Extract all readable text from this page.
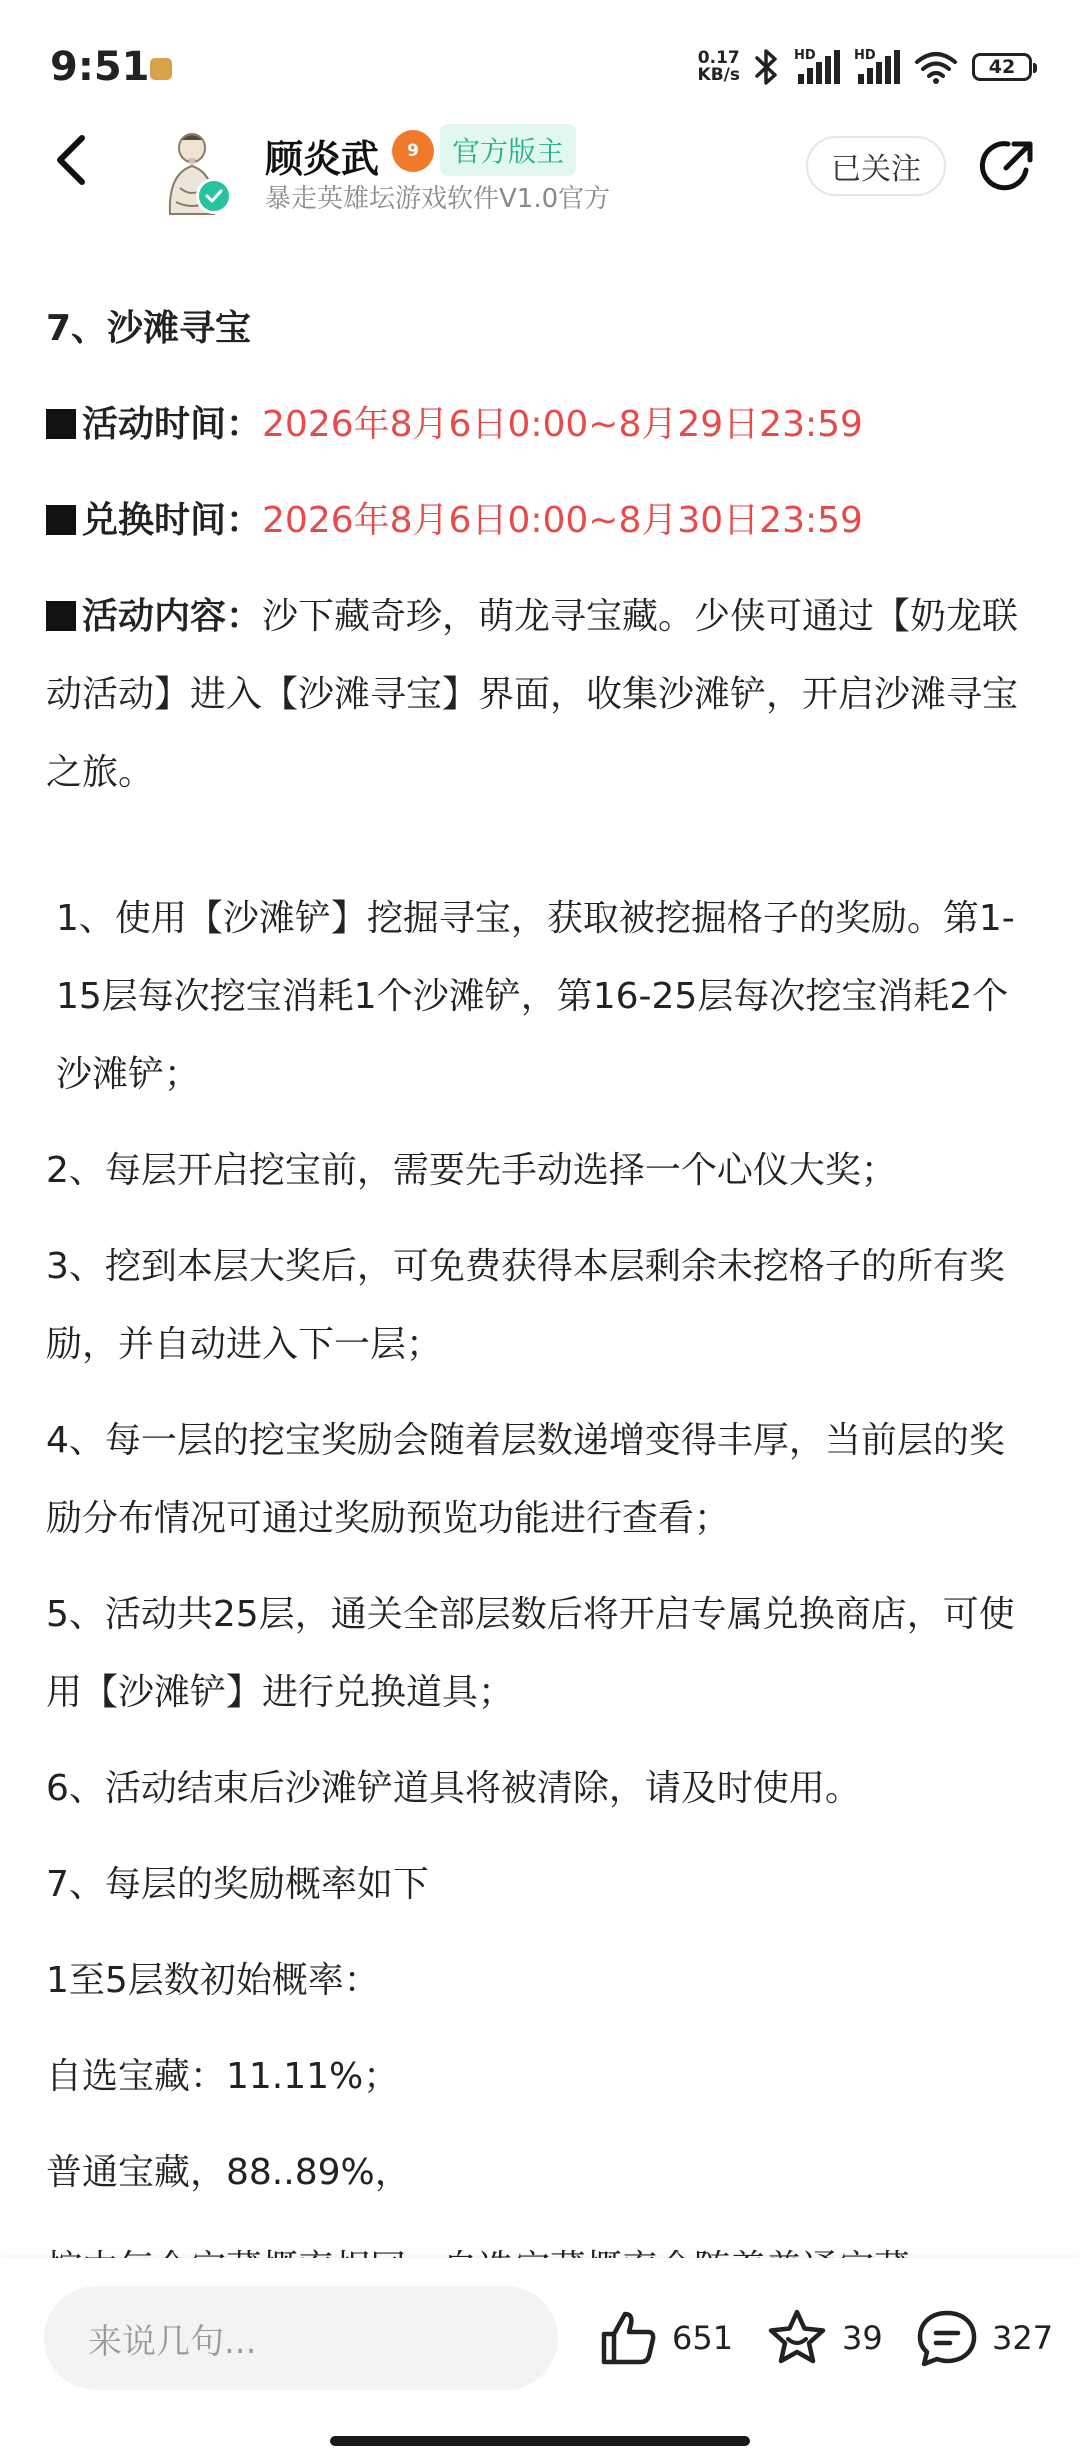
9:51	0.17
KB/s
HD	HD
42
顾炎武 9	官方版主
暴走英雄坛游戏软件V1.0官方
已关注

7、沙滩寻宝

活动时间：2026年8月6日0:00~8月29日23:59

兑换时间：2026年8月6日0:00~8月30日23:59

活动内容：沙下藏奇珍，萌龙寻宝藏。少侠可通过【奶龙联动活动】进入【沙滩寻宝】界面，收集沙滩铲，开启沙滩寻宝之旅。

1、使用【沙滩铲】挖掘寻宝，获取被挖掘格子的奖励。第1-15层每次挖宝消耗1个沙滩铲，第16-25层每次挖宝消耗2个沙滩铲；

2、每层开启挖宝前，需要先手动选择一个心仪大奖；

3、挖到本层大奖后，可免费获得本层剩余未挖格子的所有奖励，并自动进入下一层；

4、每一层的挖宝奖励会随着层数递增变得丰厚，当前层的奖励分布情况可通过奖励预览功能进行查看；

5、活动共25层，通关全部层数后将开启专属兑换商店，可使用【沙滩铲】进行兑换道具；

6、活动结束后沙滩铲道具将被清除，请及时使用。

7、每层的奖励概率如下

1至5层数初始概率：

自选宝藏：11.11%；

普通宝藏，88..89%，

来说几句...	651	39	327
